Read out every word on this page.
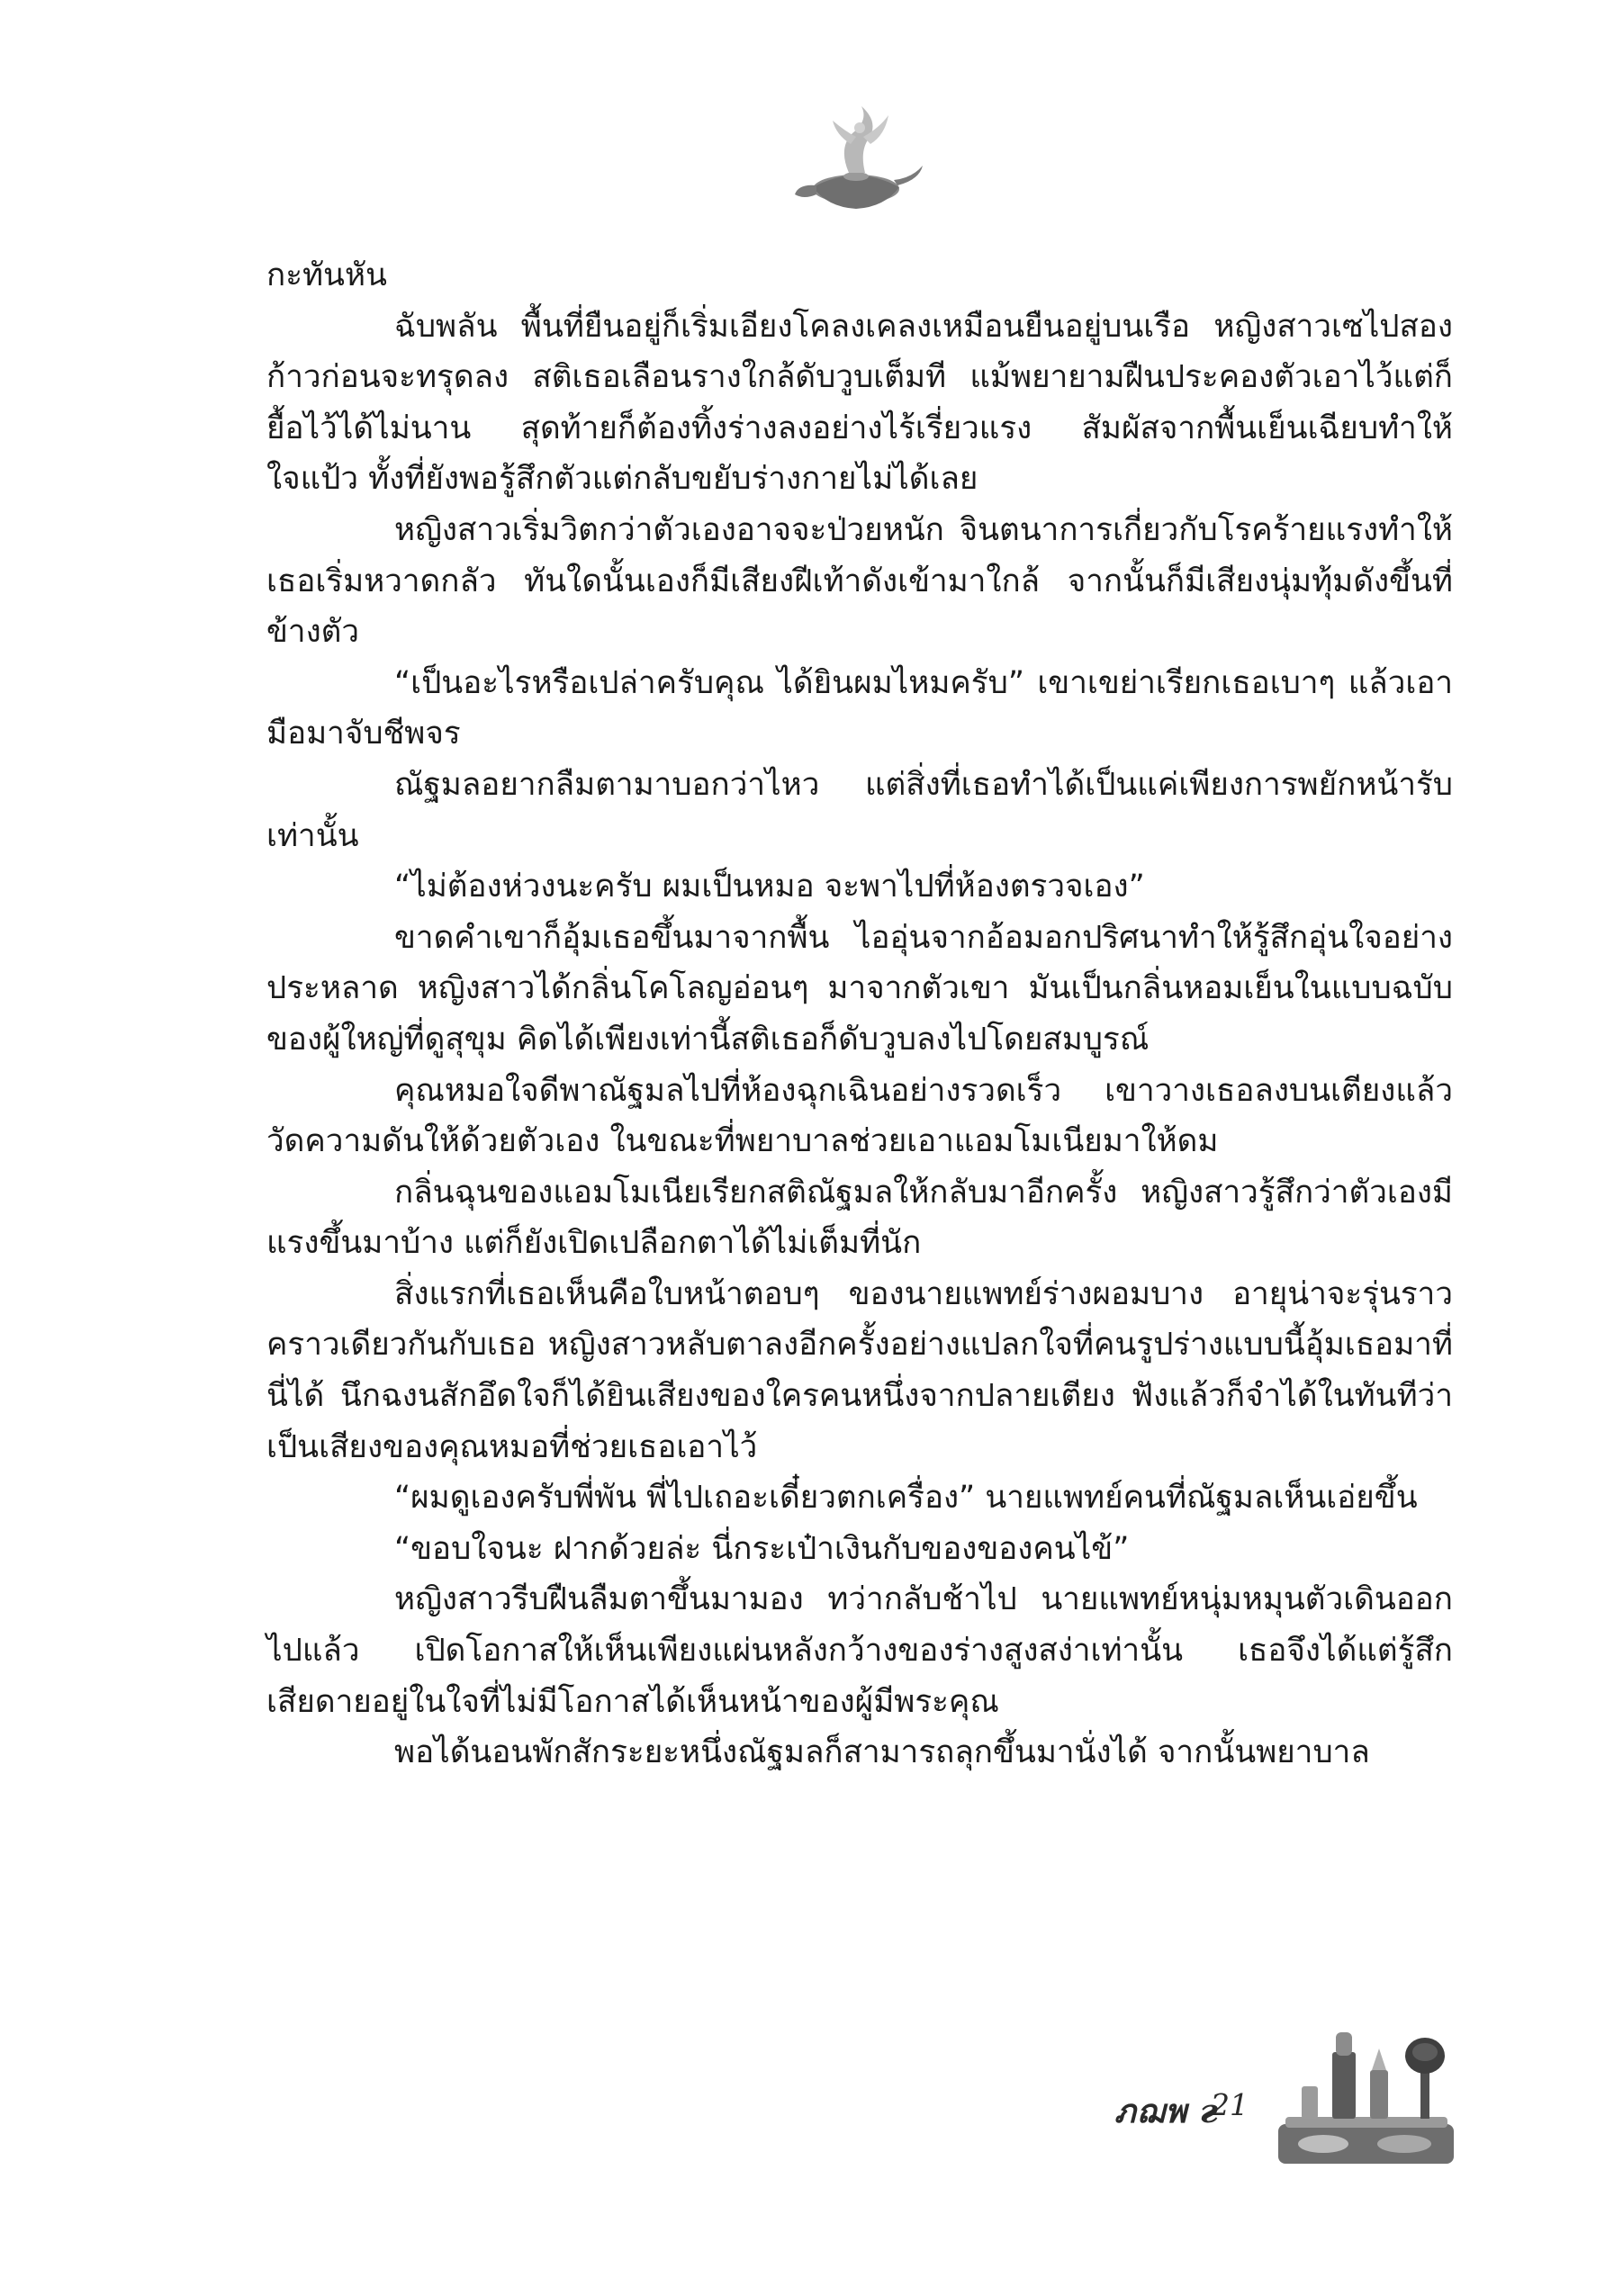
กะทันหัน

ฉับพลัน พื้นที่ยืนอยู่ก็เริ่มเอียงโคลงเคลงเหมือนยืนอยู่บนเรือ หญิงสาวเซไปสองก้าวก่อนจะทรุดลง สติเธอเลือนรางใกล้ดับวูบเต็มที แม้พยายามฝืนประคองตัวเอาไว้แต่ก็ยื้อไว้ได้ไม่นาน สุดท้ายก็ต้องทิ้งร่างลงอย่างไร้เรี่ยวแรง สัมผัสจากพื้นเย็นเฉียบทำให้ใจแป้ว ทั้งที่ยังพอรู้สึกตัวแต่กลับขยับร่างกายไม่ได้เลย

หญิงสาวเริ่มวิตกว่าตัวเองอาจจะป่วยหนัก จินตนาการเกี่ยวกับโรคร้ายแรงทำให้เธอเริ่มหวาดกลัว ทันใดนั้นเองก็มีเสียงฝีเท้าดังเข้ามาใกล้ จากนั้นก็มีเสียงนุ่มทุ้มดังขึ้นที่ข้างตัว

“เป็นอะไรหรือเปล่าครับคุณ ได้ยินผมไหมครับ” เขาเขย่าเรียกเธอเบาๆ แล้วเอามือมาจับชีพจร

ณัฐมลอยากลืมตามาบอกว่าไหว แต่สิ่งที่เธอทำได้เป็นแค่เพียงการพยักหน้ารับเท่านั้น

“ไม่ต้องห่วงนะครับ ผมเป็นหมอ จะพาไปที่ห้องตรวจเอง”

ขาดคำเขาก็อุ้มเธอขึ้นมาจากพื้น ไออุ่นจากอ้อมอกปริศนาทำให้รู้สึกอุ่นใจอย่างประหลาด หญิงสาวได้กลิ่นโคโลญอ่อนๆ มาจากตัวเขา มันเป็นกลิ่นหอมเย็นในแบบฉบับของผู้ใหญ่ที่ดูสุขุม คิดได้เพียงเท่านี้สติเธอก็ดับวูบลงไปโดยสมบูรณ์

คุณหมอใจดีพาณัฐมลไปที่ห้องฉุกเฉินอย่างรวดเร็ว เขาวางเธอลงบนเตียงแล้ววัดความดันให้ด้วยตัวเอง ในขณะที่พยาบาลช่วยเอาแอมโมเนียมาให้ดม

กลิ่นฉุนของแอมโมเนียเรียกสติณัฐมลให้กลับมาอีกครั้ง หญิงสาวรู้สึกว่าตัวเองมีแรงขึ้นมาบ้าง แต่ก็ยังเปิดเปลือกตาได้ไม่เต็มที่นัก

สิ่งแรกที่เธอเห็นคือใบหน้าตอบๆ ของนายแพทย์ร่างผอมบาง อายุน่าจะรุ่นราวคราวเดียวกันกับเธอ หญิงสาวหลับตาลงอีกครั้งอย่างแปลกใจที่คนรูปร่างแบบนี้อุ้มเธอมาที่นี่ได้ นึกฉงนสักอึดใจก็ได้ยินเสียงของใครคนหนึ่งจากปลายเตียง ฟังแล้วก็จำได้ในทันทีว่าเป็นเสียงของคุณหมอที่ช่วยเธอเอาไว้

“ผมดูเองครับพี่พัน พี่ไปเถอะเดี๋ยวตกเครื่อง” นายแพทย์คนที่ณัฐมลเห็นเอ่ยขึ้น

“ขอบใจนะ ฝากด้วยล่ะ นี่กระเป๋าเงินกับของของคนไข้”

หญิงสาวรีบฝืนลืมตาขึ้นมามอง ทว่ากลับช้าไป นายแพทย์หนุ่มหมุนตัวเดินออกไปแล้ว เปิดโอกาสให้เห็นเพียงแผ่นหลังกว้างของร่างสูงสง่าเท่านั้น เธอจึงได้แต่รู้สึกเสียดายอยู่ในใจที่ไม่มีโอกาสได้เห็นหน้าของผู้มีพระคุณ

พอได้นอนพักสักระยะหนึ่งณัฐมลก็สามารถลุกขึ้นมานั่งได้ จากนั้นพยาบาล

ภฌพ г
21
